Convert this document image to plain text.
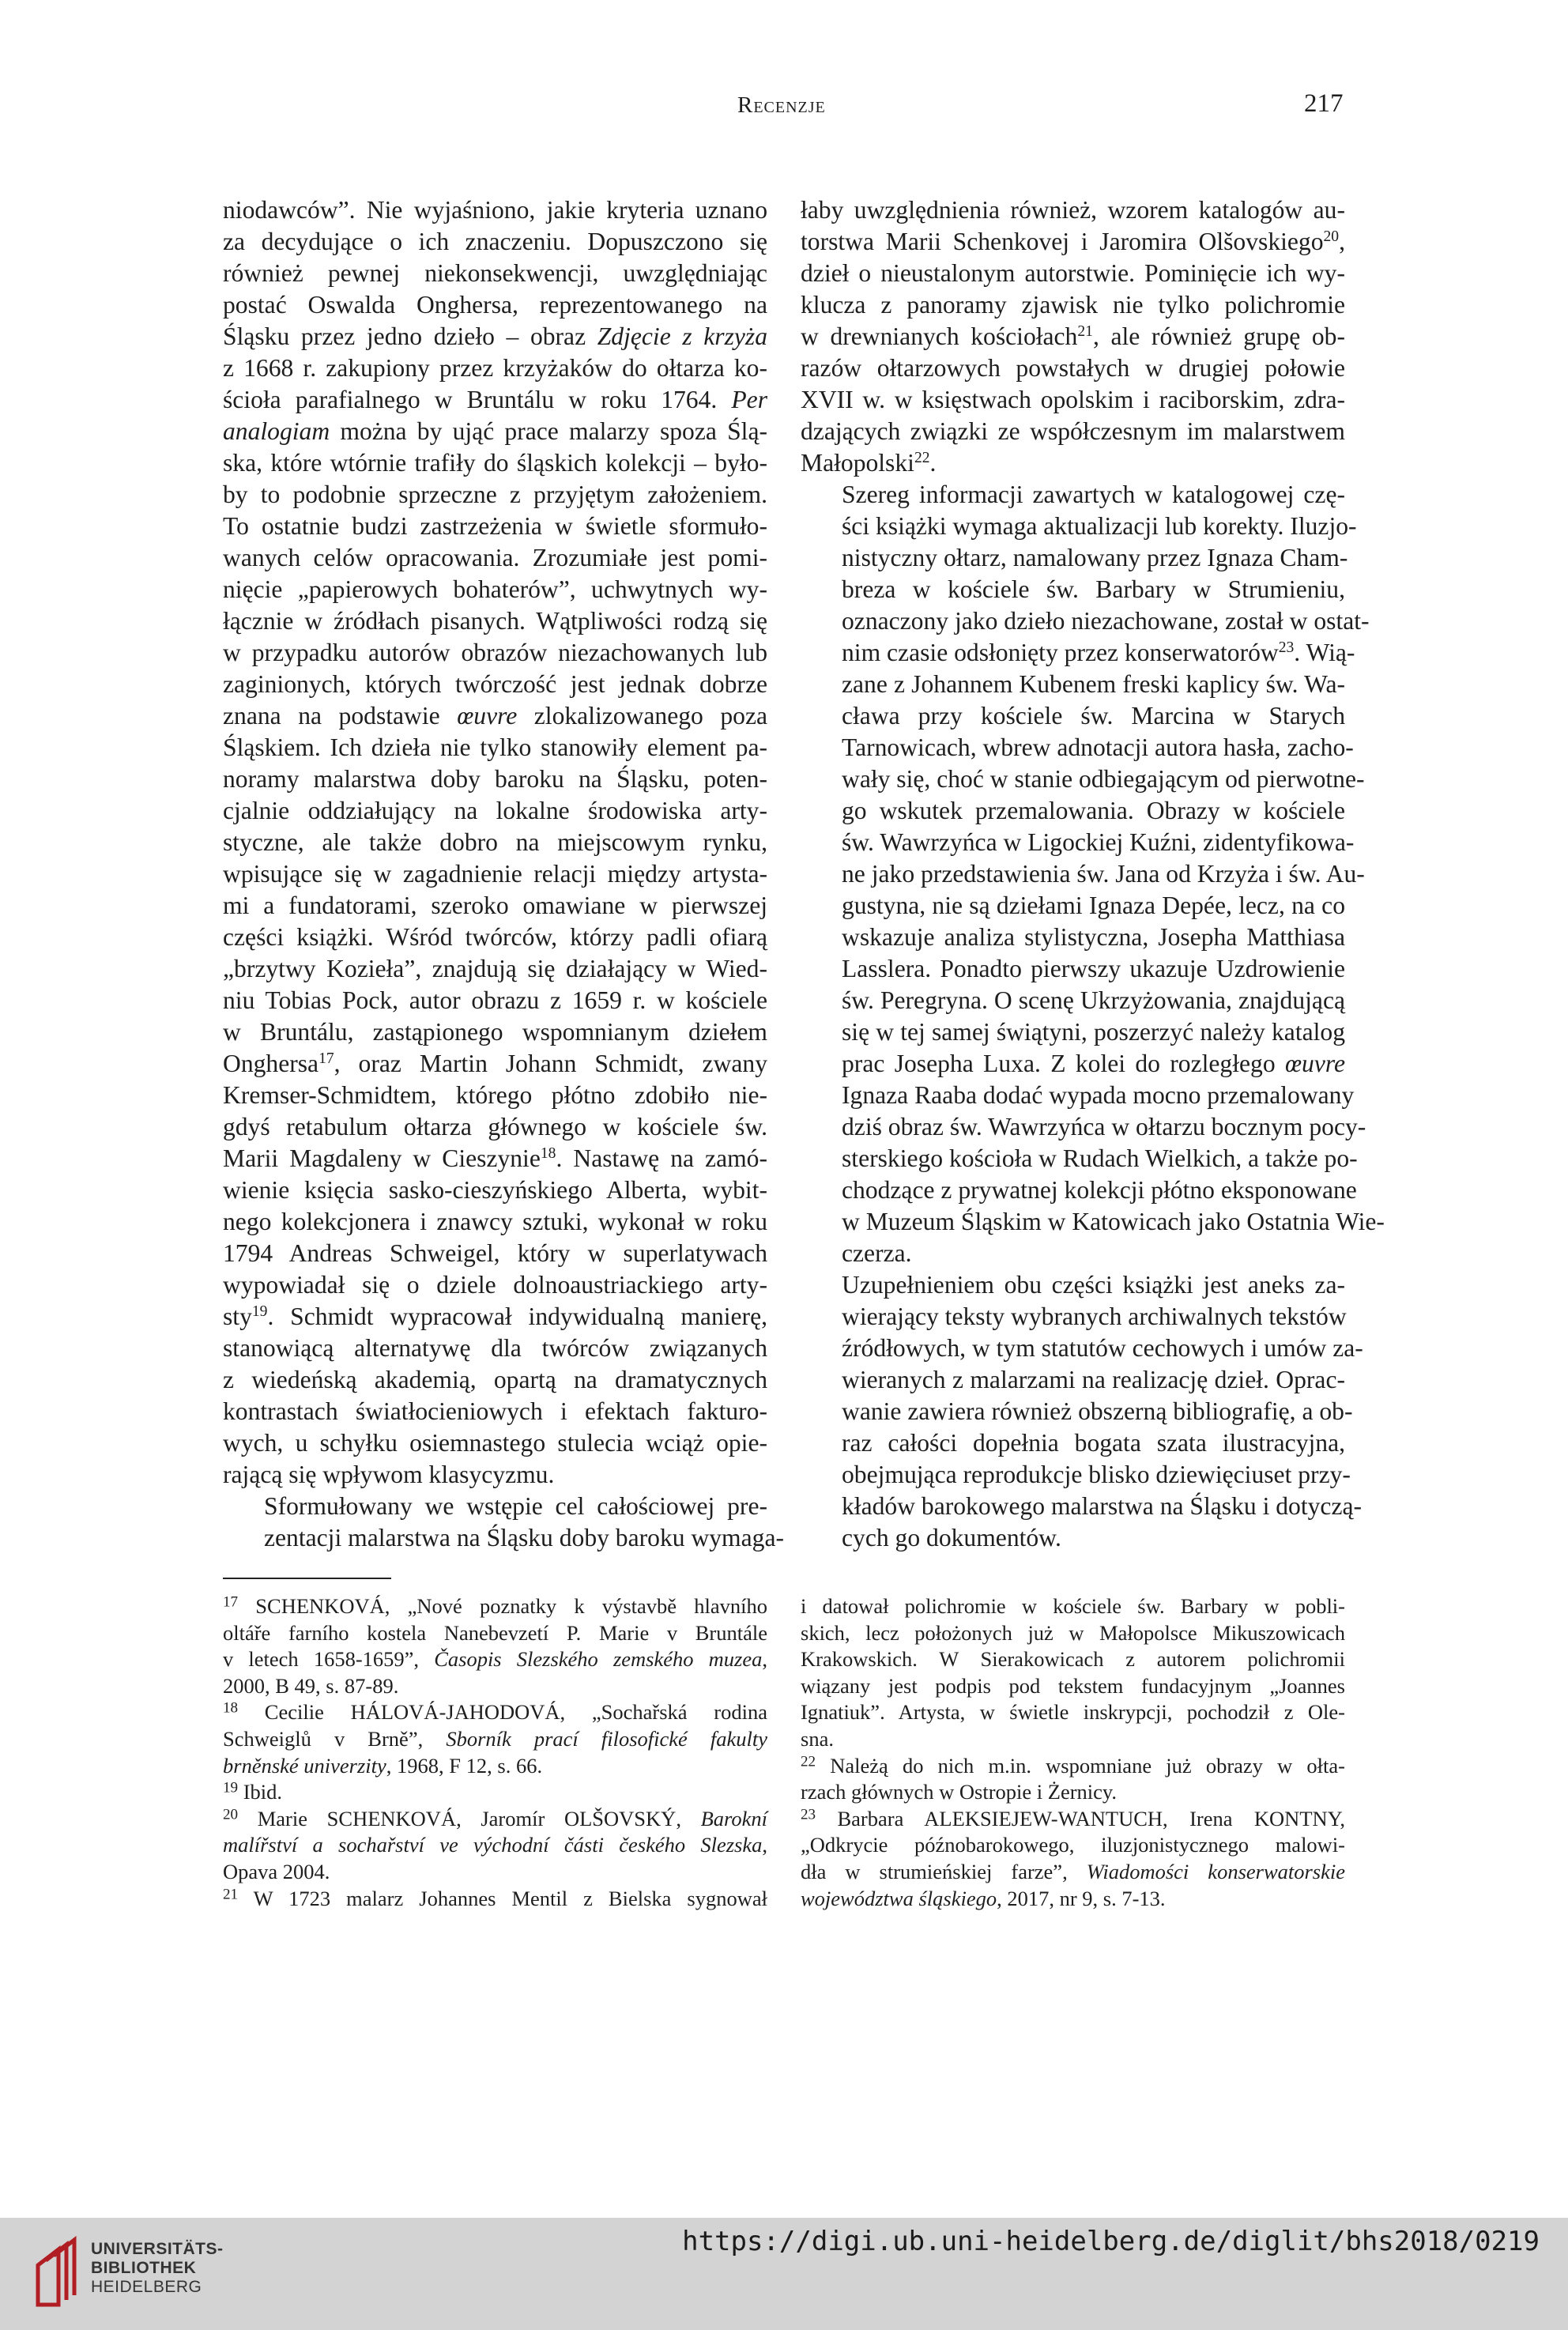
Recenzje	217

niodawców”. Nie wyjaśniono, jakie kryteria uznano
za decydujące o ich znaczeniu. Dopuszczono się
również pewnej niekonsekwencji, uwzględniając
postać Oswalda Onghersa, reprezentowanego na
Śląsku przez jedno dzieło – obraz Zdjęcie z krzyża
z 1668 r. zakupiony przez krzyżaków do ołtarza ko-
ścioła parafialnego w Bruntálu w roku 1764. Per
analogiam można by ująć prace malarzy spoza Ślą-
ska, które wtórnie trafiły do śląskich kolekcji – było-
by to podobnie sprzeczne z przyjętym założeniem.
To ostatnie budzi zastrzeżenia w świetle sformuło-
wanych celów opracowania. Zrozumiałe jest pomi-
nięcie „papierowych bohaterów”, uchwytnych wy-
łącznie w źródłach pisanych. Wątpliwości rodzą się
w przypadku autorów obrazów niezachowanych lub
zaginionych, których twórczość jest jednak dobrze
znana na podstawie œuvre zlokalizowanego poza
Śląskiem. Ich dzieła nie tylko stanowiły element pa-
noramy malarstwa doby baroku na Śląsku, poten-
cjalnie oddziałujący na lokalne środowiska arty-
styczne, ale także dobro na miejscowym rynku,
wpisujące się w zagadnienie relacji między artysta-
mi a fundatorami, szeroko omawiane w pierwszej
części książki. Wśród twórców, którzy padli ofiarą
„brzytwy Kozieła”, znajdują się działający w Wied-
niu Tobias Pock, autor obrazu z 1659 r. w kościele
w Bruntálu, zastąpionego wspomnianym dziełem
Onghersa$^{17}$, oraz Martin Johann Schmidt, zwany
Kremser-Schmidtem, którego płótno zdobiło nie-
gdyś retabulum ołtarza głównego w kościele św.
Marii Magdaleny w Cieszynie$^{18}$. Nastawę na zamó-
wienie księcia sasko-cieszyńskiego Alberta, wybit-
nego kolekcjonera i znawcy sztuki, wykonał w roku
1794 Andreas Schweigel, który w superlatywach
wypowiadał się o dziele dolnoaustriackiego arty-
sty$^{19}$. Schmidt wypracował indywidualną manierę,
stanowiącą alternatywę dla twórców związanych
z wiedeńską akademią, opartą na dramatycznych
kontrastach światłocieniowych i efektach fakturo-
wych, u schyłku osiemnastego stulecia wciąż opie-
rającą się wpływom klasycyzmu.

Sformułowany we wstępie cel całościowej pre-
zentacji malarstwa na Śląsku doby baroku wymaga-

łaby uwzględnienia również, wzorem katalogów au-
torstwa Marii Schenkovej i Jaromira Olšovskiego$^{20}$,
dzieł o nieustalonym autorstwie. Pominięcie ich wy-
klucza z panoramy zjawisk nie tylko polichromie
w drewnianych kościołach$^{21}$, ale również grupę ob-
razów ołtarzowych powstałych w drugiej połowie
XVII w. w księstwach opolskim i raciborskim, zdra-
dzających związki ze współczesnym im malarstwem
Małopolski$^{22}$.

Szereg informacji zawartych w katalogowej czę-
ści książki wymaga aktualizacji lub korekty. Iluzjo-
nistyczny ołtarz, namalowany przez Ignaza Cham-
breza w kościele św. Barbary w Strumieniu,
oznaczony jako dzieło niezachowane, został w ostat-
nim czasie odsłonięty przez konserwatorów$^{23}$. Wią-
zane z Johannem Kubenem freski kaplicy św. Wa-
cława przy kościele św. Marcina w Starych
Tarnowicach, wbrew adnotacji autora hasła, zacho-
wały się, choć w stanie odbiegającym od pierwotne-
go wskutek przemalowania. Obrazy w kościele
św. Wawrzyńca w Ligockiej Kuźni, zidentyfikowa-
ne jako przedstawienia św. Jana od Krzyża i św. Au-
gustyna, nie są dziełami Ignaza Depée, lecz, na co
wskazuje analiza stylistyczna, Josepha Matthiasa
Lasslera. Ponadto pierwszy ukazuje Uzdrowienie
św. Peregryna. O scenę Ukrzyżowania, znajdującą
się w tej samej świątyni, poszerzyć należy katalog
prac Josepha Luxa. Z kolei do rozległego œuvre
Ignaza Raaba dodać wypada mocno przemalowany
dziś obraz św. Wawrzyńca w ołtarzu bocznym pocy-
sterskiego kościoła w Rudach Wielkich, a także po-
chodzące z prywatnej kolekcji płótno eksponowane
w Muzeum Śląskim w Katowicach jako Ostatnia Wie-
czerza.

Uzupełnieniem obu części książki jest aneks za-
wierający teksty wybranych archiwalnych tekstów
źródłowych, w tym statutów cechowych i umów za-
wieranych z malarzami na realizację dzieł. Oprac-
wanie zawiera również obszerną bibliografię, a ob-
raz całości dopełnia bogata szata ilustracyjna,
obejmująca reprodukcje blisko dziewięciuset przy-
kładów barokowego malarstwa na Śląsku i dotyczą-
cych go dokumentów.

$^{17}$ SCHENKOVÁ, „Nové poznatky k výstavbě hlavního
oltáře farního kostela Nanebevzetí P. Marie v Bruntále
v letech 1658-1659”, Časopis Slezského zemského muzea,
2000, B 49, s. 87-89.

$^{18}$ Cecilie HÁLOVÁ-JAHODOVÁ, „Sochařská rodina
Schweiglů v Brně”, Sborník prací filosofické fakulty
brněnské univerzity, 1968, F 12, s. 66.

$^{19}$ Ibid.

$^{20}$ Marie SCHENKOVÁ, Jaromír OLŠOVSKÝ, Barokní
malířství a sochařství ve východní části českého Slezska,
Opava 2004.

$^{21}$ W 1723 malarz Johannes Mentil z Bielska sygnował

i datował polichromie w kościele św. Barbary w pobli-
skich, lecz położonych już w Małopolsce Mikuszowicach
Krakowskich. W Sierakowicach z autorem polichromii
wiązany jest podpis pod tekstem fundacyjnym „Joannes
Ignatiuk”. Artysta, w świetle inskrypcji, pochodził z Ole-
sna.

$^{22}$ Należą do nich m.in. wspomniane już obrazy w ołta-
rzach głównych w Ostropie i Żernicy.

$^{23}$ Barbara ALEKSIEJEW-WANTUCH, Irena KONTNY,
„Odkrycie późnobarokowego, iluzjonistycznego malowi-
dła w strumieńskiej farze”, Wiadomości konserwatorskie
województwa śląskiego, 2017, nr 9, s. 7-13.

UNIVERSITÄTS-
BIBLIOTHEK
HEIDELBERG
https://digi.ub.uni-heidelberg.de/diglit/bhs2018/0219
